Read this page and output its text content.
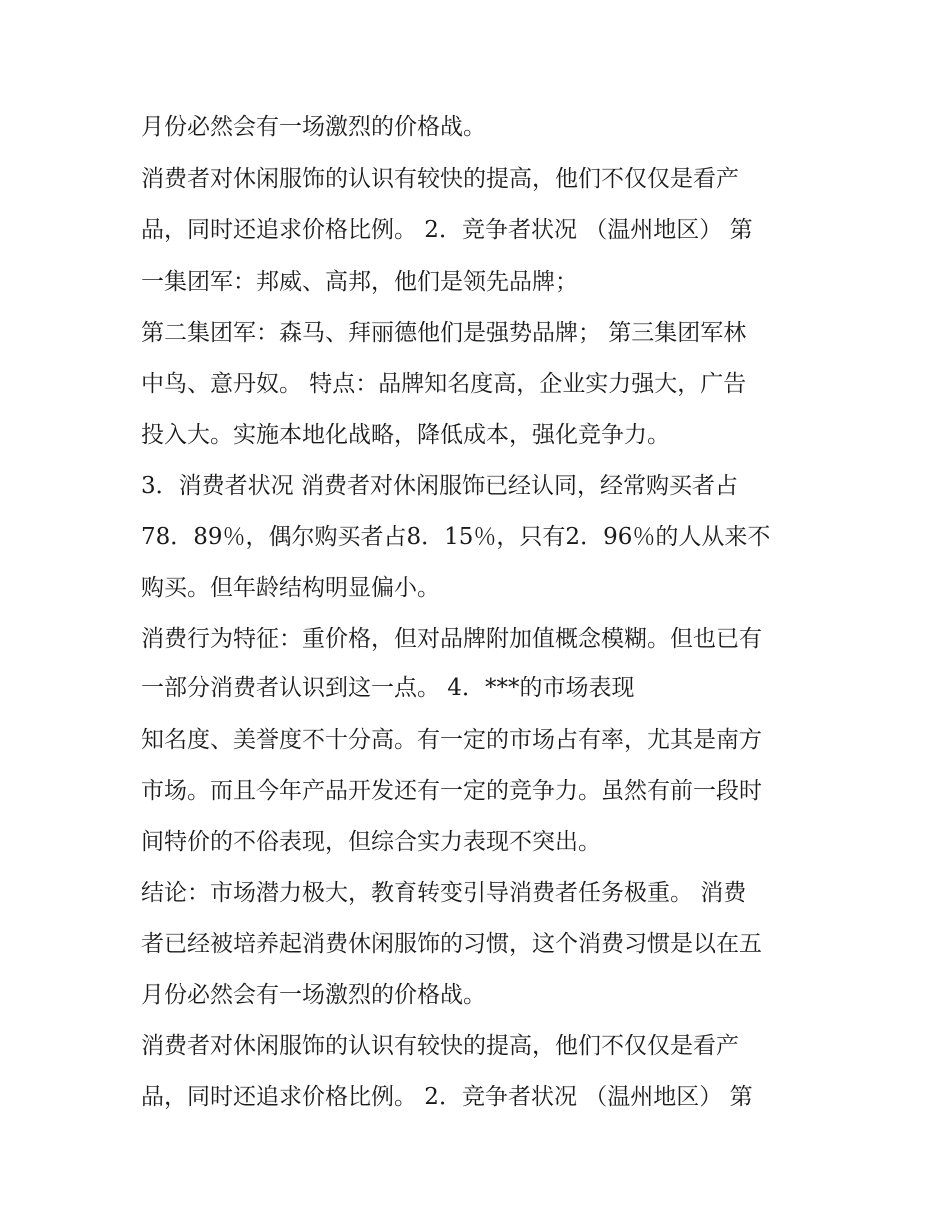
月份必然会有一场激烈的价格战。
消费者对休闲服饰的认识有较快的提高，他们不仅仅是看产
品，同时还追求价格比例。 2．竞争者状况 （温州地区） 第
一集团军：邦威、高邦，他们是领先品牌；
第二集团军：森马、拜丽德他们是强势品牌； 第三集团军林
中鸟、意丹奴。 特点：品牌知名度高，企业实力强大，广告
投入大。实施本地化战略，降低成本，强化竞争力。
3．消费者状况 消费者对休闲服饰已经认同，经常购买者占
78．89％，偶尔购买者占8．15％，只有2．96％的人从来不
购买。但年龄结构明显偏小。
消费行为特征：重价格，但对品牌附加值概念模糊。但也已有
一部分消费者认识到这一点。 4．***的市场表现
知名度、美誉度不十分高。有一定的市场占有率，尤其是南方
市场。而且今年产品开发还有一定的竞争力。虽然有前一段时
间特价的不俗表现，但综合实力表现不突出。
结论：市场潜力极大，教育转变引导消费者任务极重。 消费
者已经被培养起消费休闲服饰的习惯，这个消费习惯是以在五
月份必然会有一场激烈的价格战。
消费者对休闲服饰的认识有较快的提高，他们不仅仅是看产
品，同时还追求价格比例。 2．竞争者状况 （温州地区） 第
